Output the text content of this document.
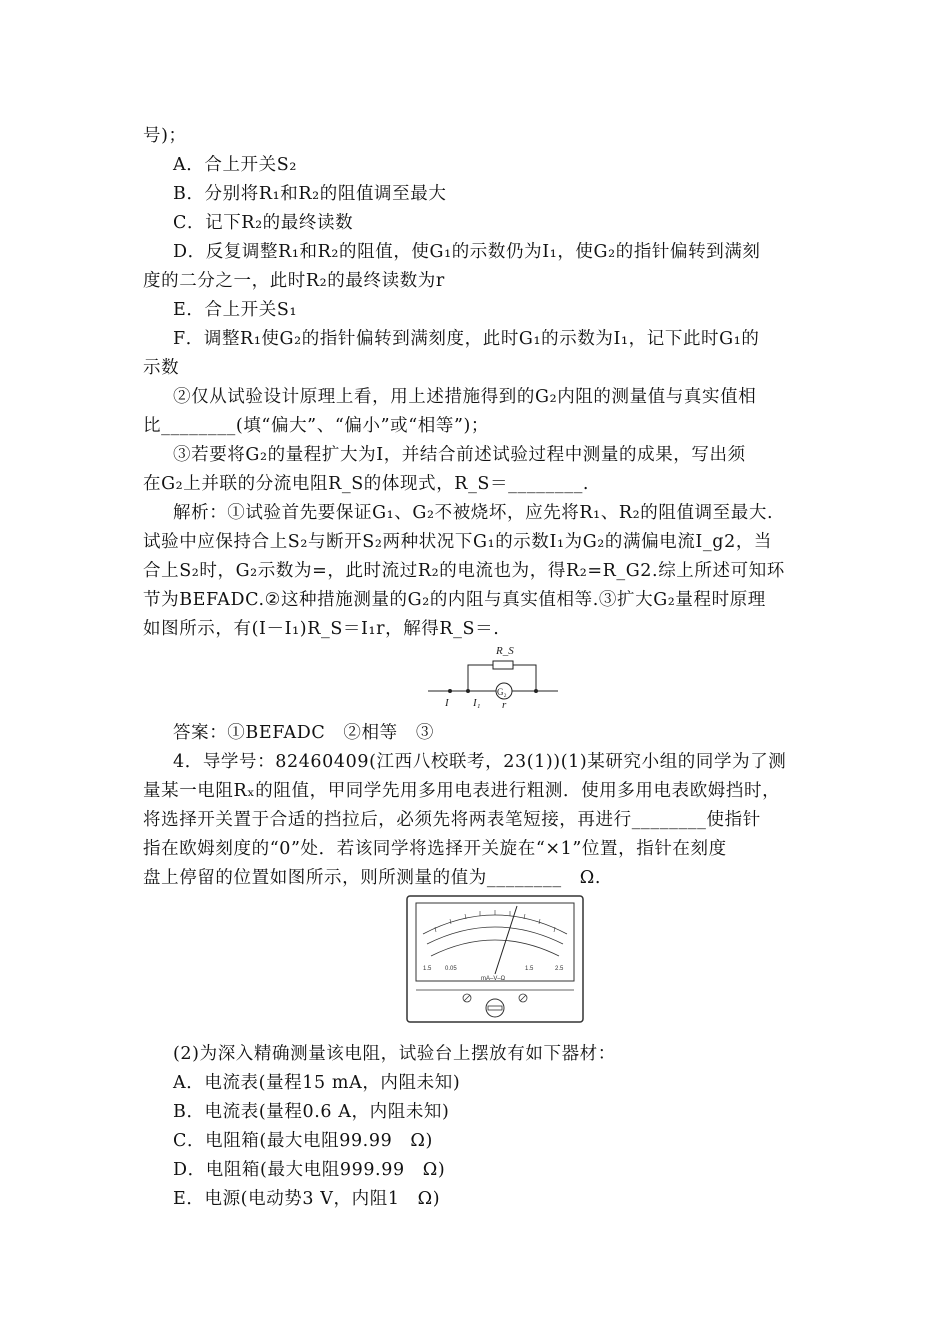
号)；
A．合上开关S₂
B．分别将R₁和R₂的阻值调至最大
C．记下R₂的最终读数
D．反复调整R₁和R₂的阻值，使G₁的示数仍为I₁，使G₂的指针偏转到满刻
度的二分之一，此时R₂的最终读数为r
E．合上开关S₁
F．调整R₁使G₂的指针偏转到满刻度，此时G₁的示数为I₁，记下此时G₁的
示数
②仅从试验设计原理上看，用上述措施得到的G₂内阻的测量值与真实值相
比________(填“偏大”、“偏小”或“相等”)；
③若要将G₂的量程扩大为I，并结合前述试验过程中测量的成果，写出须
在G₂上并联的分流电阻R_S的体现式，R_S＝________.
解析：①试验首先要保证G₁、G₂不被烧坏，应先将R₁、R₂的阻值调至最大.
试验中应保持合上S₂与断开S₂两种状况下G₁的示数I₁为G₂的满偏电流I_g2，当
合上S₂时，G₂示数为=，此时流过R₂的电流也为，得R₂=R_G2.综上所述可知环
节为BEFADC.②这种措施测量的G₂的内阻与真实值相等.③扩大G₂量程时原理
如图所示，有(I－I₁)R_S＝I₁r，解得R_S＝.
R_S
I I₁
G₂
r
答案：①BEFADC　②相等　③
4．导学号：82460409(江西八校联考，23(1))(1)某研究小组的同学为了测
量某一电阻Rₓ的阻值，甲同学先用多用电表进行粗测．使用多用电表欧姆挡时，
将选择开关置于合适的挡拉后，必须先将两表笔短接，再进行________使指针
指在欧姆刻度的“0”处．若该同学将选择开关旋在“×1”位置，指针在刻度
盘上停留的位置如图所示，则所测量的值为________　Ω.
1.5 0.05	1.5	2.5
mA–V–Ω
(2)为深入精确测量该电阻，试验台上摆放有如下器材：
A．电流表(量程15 mA，内阻未知)
B．电流表(量程0.6 A，内阻未知)
C．电阻箱(最大电阻99.99　Ω)
D．电阻箱(最大电阻999.99　Ω)
E．电源(电动势3 V，内阻1　Ω)
